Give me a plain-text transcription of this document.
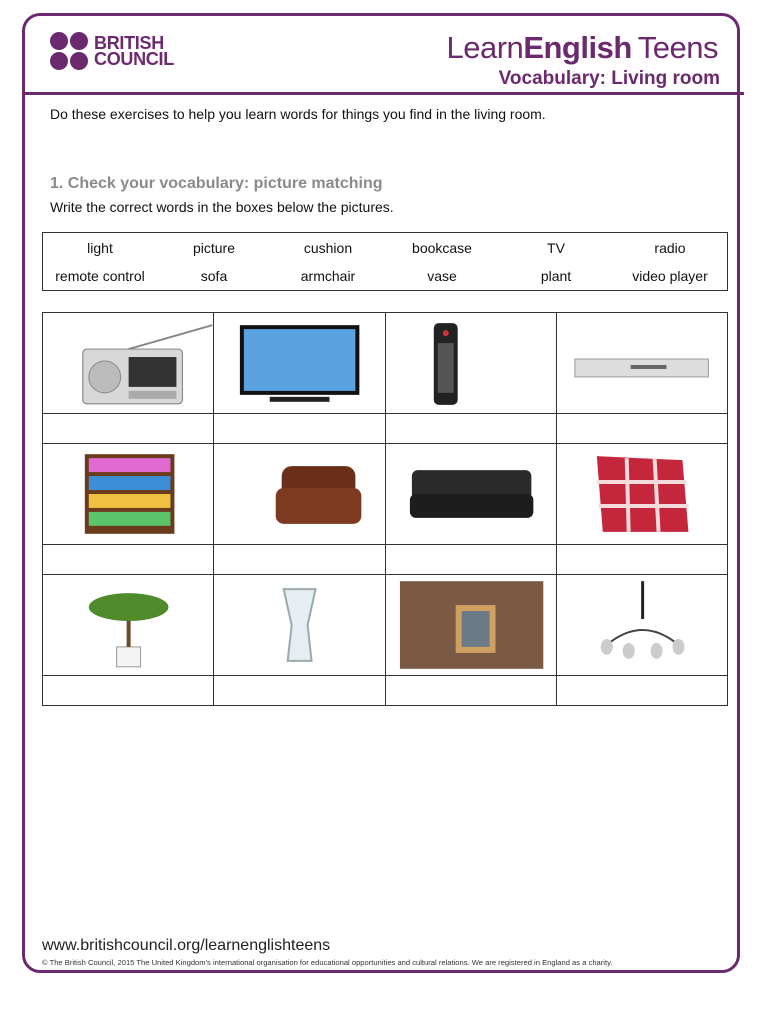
BRITISH
COUNCIL	LearnEnglish Teens
Vocabulary: Living room
Do these exercises to help you learn words for things you find in the living room.
1. Check your vocabulary: picture matching
Write the correct words in the boxes below the pictures.
light	picture	cushion	bookcase	TV	radio
remote control	sofa	armchair	vase	plant	video player

www.britishcouncil.org/learnenglishteens
© The British Council, 2015 The United Kingdom's international organisation for educational opportunities and cultural relations. We are registered in England as a charity.
